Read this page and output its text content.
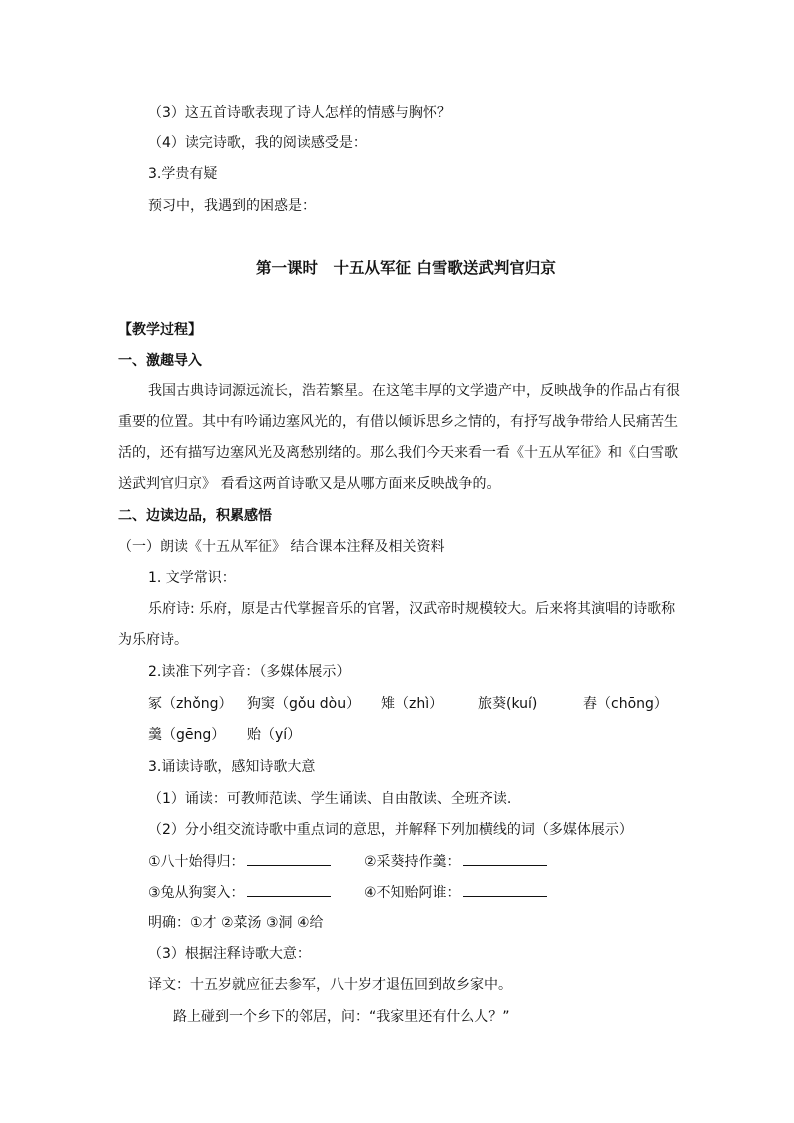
（3）这五首诗歌表现了诗人怎样的情感与胸怀？
（4）读完诗歌，我的阅读感受是：
3.学贵有疑
预习中，我遇到的困惑是：
第一课时　十五从军征 白雪歌送武判官归京
【教学过程】
一、激趣导入
我国古典诗词源远流长，浩若繁星。在这笔丰厚的文学遗产中，反映战争的作品占有很
重要的位置。其中有吟诵边塞风光的，有借以倾诉思乡之情的，有抒写战争带给人民痛苦生
活的，还有描写边塞风光及离愁别绪的。那么我们今天来看一看《十五从军征》和《白雪歌
送武判官归京》 看看这两首诗歌又是从哪方面来反映战争的。
二、边读边品，积累感悟
（一）朗读《十五从军征》 结合课本注释及相关资料
1. 文学常识：
乐府诗: 乐府，原是古代掌握音乐的官署，汉武帝时规模较大。后来将其演唱的诗歌称
为乐府诗。
2.读准下列字音：（多媒体展示）
冢（zhǒng） 狗窦（gǒu dòu） 雉（zhì） 旅葵(kuí)	舂（chōng）
羹（gēng） 贻（yí）
3.诵读诗歌，感知诗歌大意
（1）诵读：可教师范读、学生诵读、自由散读、全班齐读.
（2）分小组交流诗歌中重点词的意思，并解释下列加横线的词（多媒体展示）
①八十始得归：	②采葵持作羹：
③兔从狗窦入：	④不知贻阿谁：
明确：①才 ②菜汤 ③洞 ④给
（3）根据注释诗歌大意：
译文：十五岁就应征去参军，八十岁才退伍回到故乡家中。
路上碰到一个乡下的邻居，问：“我家里还有什么人？”
